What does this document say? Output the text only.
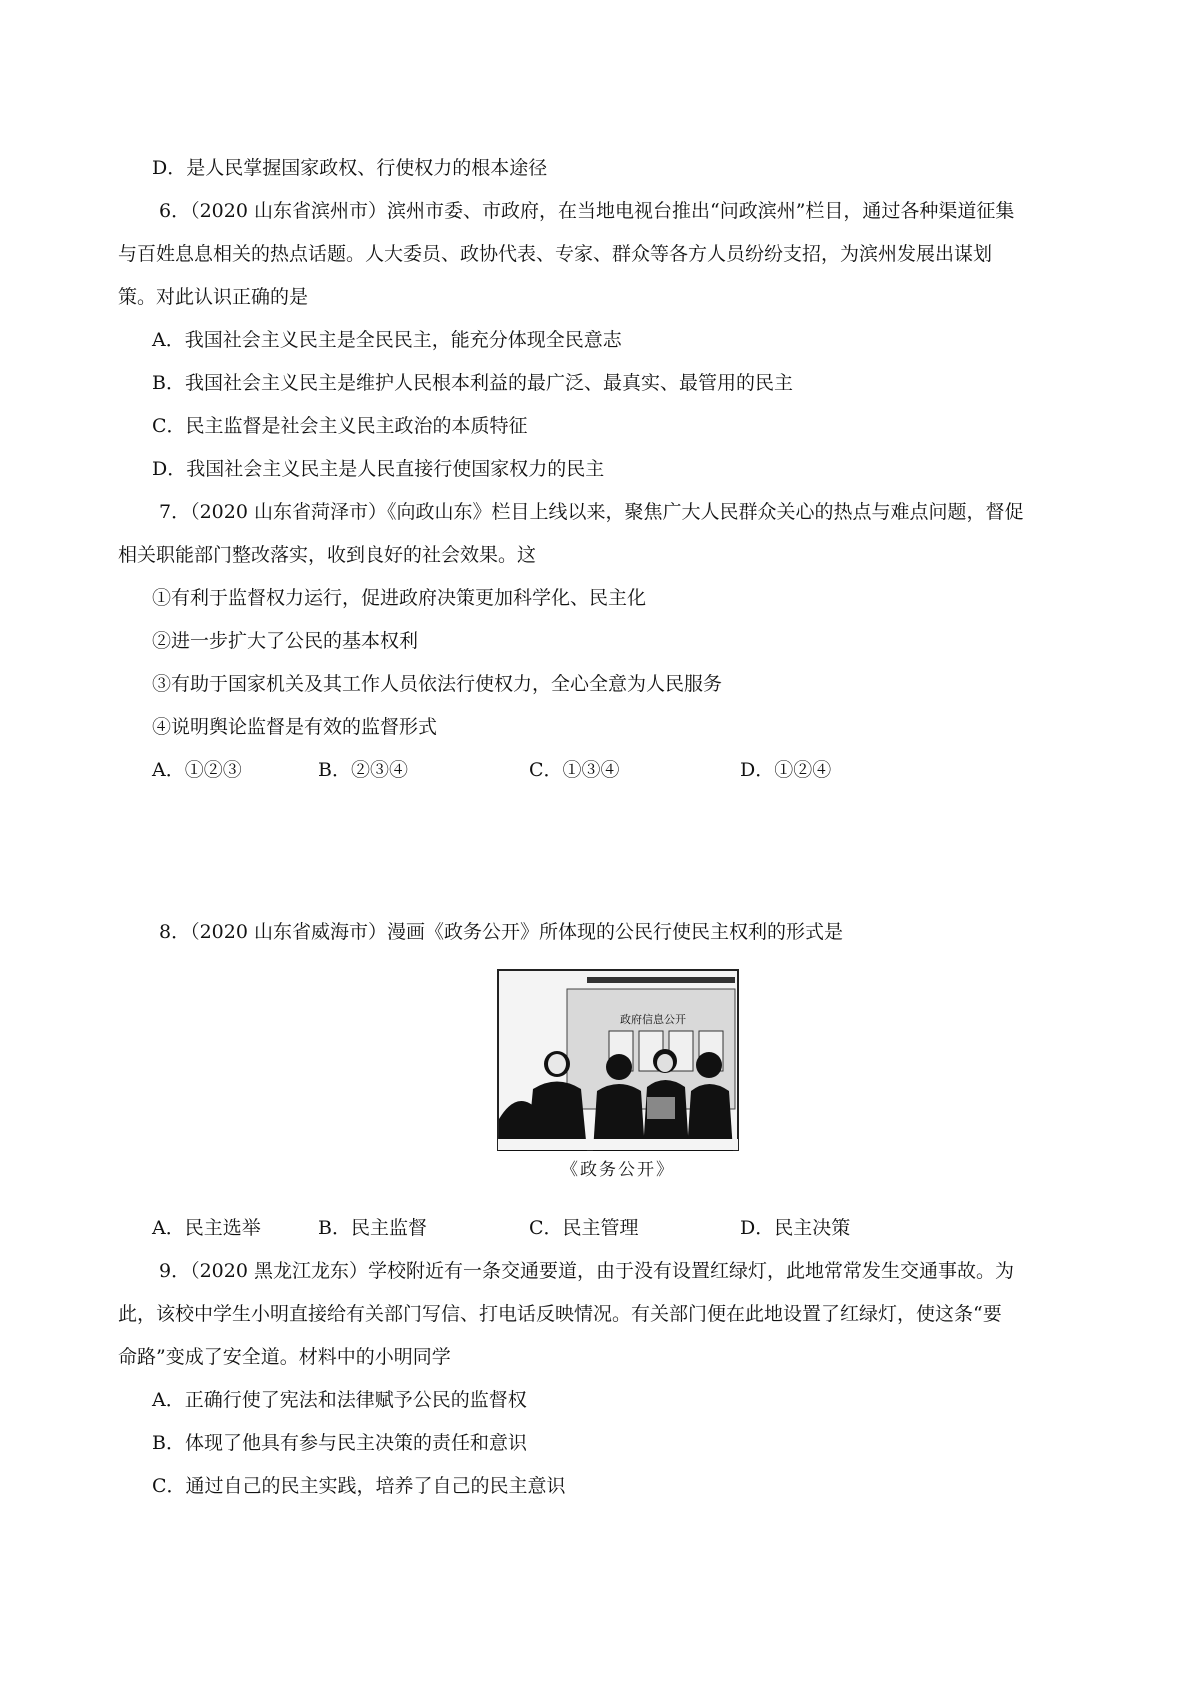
D．是人民掌握国家政权、行使权力的根本途径
6．（2020 山东省滨州市）滨州市委、市政府，在当地电视台推出“问政滨州”栏目，通过各种渠道征集
与百姓息息相关的热点话题。人大委员、政协代表、专家、群众等各方人员纷纷支招，为滨州发展出谋划
策。对此认识正确的是
A．我国社会主义民主是全民民主，能充分体现全民意志
B．我国社会主义民主是维护人民根本利益的最广泛、最真实、最管用的民主
C．民主监督是社会主义民主政治的本质特征
D．我国社会主义民主是人民直接行使国家权力的民主
7．（2020 山东省菏泽市）《向政山东》栏目上线以来，聚焦广大人民群众关心的热点与难点问题，督促
相关职能部门整改落实，收到良好的社会效果。这
①有利于监督权力运行，促进政府决策更加科学化、民主化
②进一步扩大了公民的基本权利
③有助于国家机关及其工作人员依法行使权力，全心全意为人民服务
④说明舆论监督是有效的监督形式
A．①②③	B．②③④	C．①③④	D．①②④
8．（2020 山东省威海市）漫画《政务公开》所体现的公民行使民主权利的形式是
政府信息公开
《政务公开》
A．民主选举	B．民主监督	C．民主管理	D．民主决策
9．（2020 黑龙江龙东）学校附近有一条交通要道，由于没有设置红绿灯，此地常常发生交通事故。为
此，该校中学生小明直接给有关部门写信、打电话反映情况。有关部门便在此地设置了红绿灯，使这条“要
命路”变成了安全道。材料中的小明同学
A．正确行使了宪法和法律赋予公民的监督权
B．体现了他具有参与民主决策的责任和意识
C．通过自己的民主实践，培养了自己的民主意识
